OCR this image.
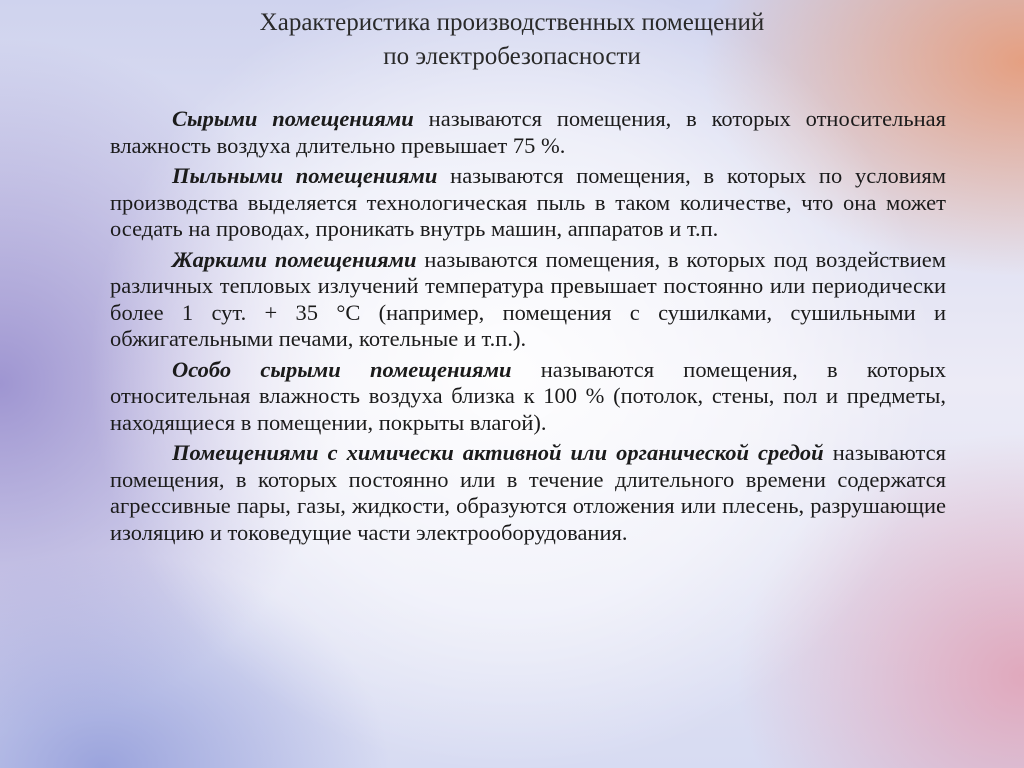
Характеристика производственных помещений
по электробезопасности

Сырыми помещениями называются помещения, в которых относительная влажность воздуха длительно превышает 75 %.

Пыльными помещениями называются помещения, в которых по условиям производства выделяется технологическая пыль в таком количестве, что она может оседать на проводах, проникать внутрь машин, аппаратов и т.п.

Жаркими помещениями называются помещения, в которых под воздействием различных тепловых излучений температура превышает постоянно или периодически более 1 сут. + 35 °С (например, помещения с сушилками, сушильными и обжигательными печами, котельные и т.п.).

Особо сырыми помещениями называются помещения, в которых относительная влажность воздуха близка к 100 % (потолок, стены, пол и предметы, находящиеся в помещении, покрыты влагой).

Помещениями с химически активной или органической средой называются помещения, в которых постоянно или в течение длительного времени содержатся агрессивные пары, газы, жидкости, образуются отложения или плесень, разрушающие изоляцию и токоведущие части электрооборудования.
